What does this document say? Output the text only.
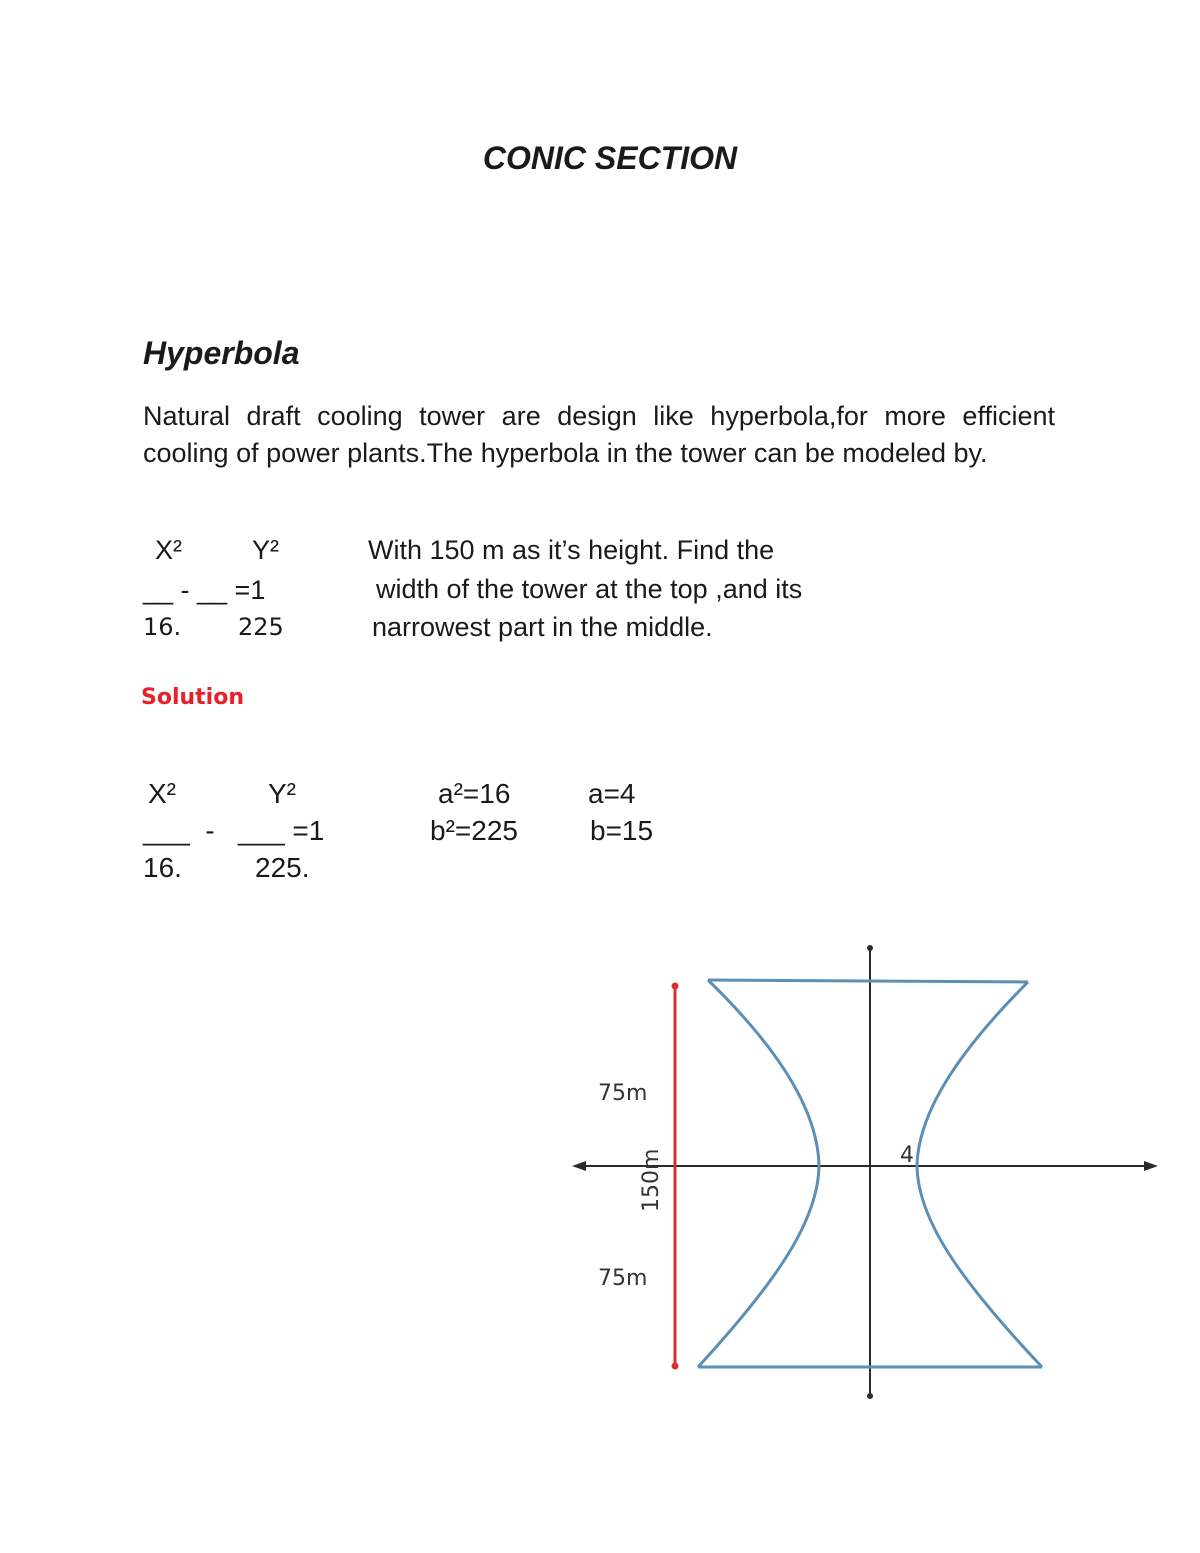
CONIC SECTION
Hyperbola
Natural draft cooling tower are design like hyperbola,for more efficient cooling of power plants.The hyperbola in the tower can be modeled by.
X²	Y²
__ - __ =1
16. 225
With 150 m as it’s height. Find the
width of the tower at the top ,and its
narrowest part in the middle.
Solution
X²	Y²
___  -   ___ =1
16.	225.
a²=16
b²=225
a=4
b=15
75m
75m
4
150m
